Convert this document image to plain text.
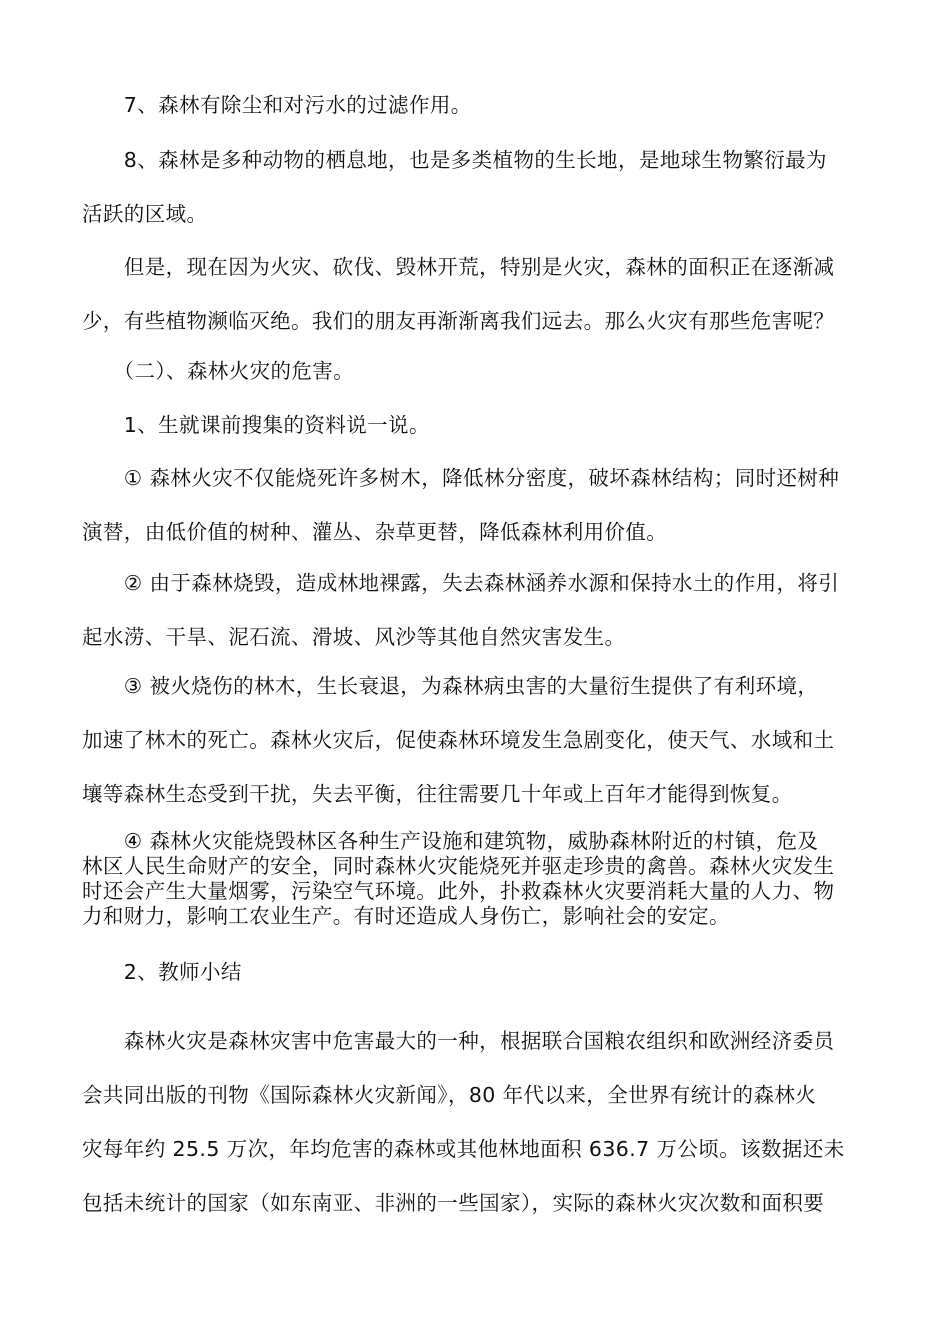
　　7、森林有除尘和对污水的过滤作用。

　　8、森林是多种动物的栖息地，也是多类植物的生长地，是地球生物繁衍最为
活跃的区域。

　　但是，现在因为火灾、砍伐、毁林开荒，特别是火灾，森林的面积正在逐渐减
少，有些植物濒临灭绝。我们的朋友再渐渐离我们远去。那么火灾有那些危害呢？

　　（二）、森林火灾的危害。

　　1、生就课前搜集的资料说一说。

　　① 森林火灾不仅能烧死许多树木，降低林分密度，破坏森林结构；同时还树种
演替，由低价值的树种、灌丛、杂草更替，降低森林利用价值。

　　② 由于森林烧毁，造成林地裸露，失去森林涵养水源和保持水土的作用，将引
起水涝、干旱、泥石流、滑坡、风沙等其他自然灾害发生。

　　③ 被火烧伤的林木，生长衰退，为森林病虫害的大量衍生提供了有利环境，
加速了林木的死亡。森林火灾后，促使森林环境发生急剧变化，使天气、水域和土
壤等森林生态受到干扰，失去平衡，往往需要几十年或上百年才能得到恢复。

　　④ 森林火灾能烧毁林区各种生产设施和建筑物，威胁森林附近的村镇，危及
林区人民生命财产的安全，同时森林火灾能烧死并驱走珍贵的禽兽。森林火灾发生
时还会产生大量烟雾，污染空气环境。此外，扑救森林火灾要消耗大量的人力、物
力和财力，影响工农业生产。有时还造成人身伤亡，影响社会的安定。

　　2、教师小结

　　森林火灾是森林灾害中危害最大的一种，根据联合国粮农组织和欧洲经济委员
会共同出版的刊物《国际森林火灾新闻》，80 年代以来，全世界有统计的森林火
灾每年约 25.5 万次，年均危害的森林或其他林地面积 636.7 万公顷。该数据还未
包括未统计的国家（如东南亚、非洲的一些国家），实际的森林火灾次数和面积要
